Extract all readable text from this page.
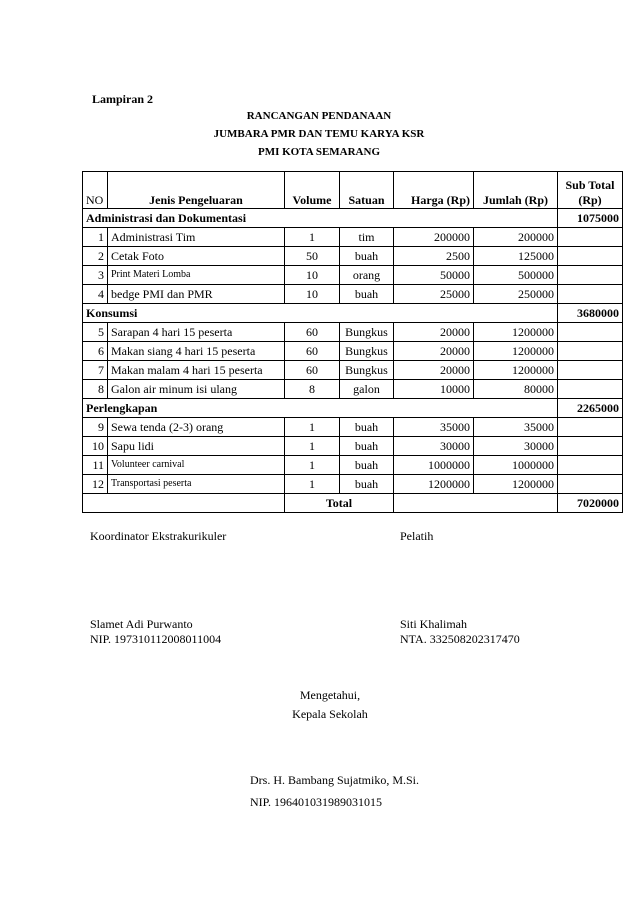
Lampiran 2
RANCANGAN PENDANAAN
JUMBARA PMR DAN TEMU KARYA KSR
PMI KOTA SEMARANG
NO	Jenis Pengeluaran	Volume	Satuan	Harga (Rp)	Jumlah (Rp)	Sub Total
(Rp)

Administrasi dan Dokumentasi						1075000
1	Administrasi Tim	1	tim	200000	200000	
2	Cetak Foto	50	buah	2500	125000	
3	Print Materi Lomba	10	orang	50000	500000	
4	bedge PMI dan PMR	10	buah	25000	250000	
Konsumsi						3680000
5	Sarapan 4 hari 15 peserta	60	Bungkus	20000	1200000	
6	Makan siang 4 hari 15 peserta	60	Bungkus	20000	1200000	
7	Makan malam 4 hari 15 peserta	60	Bungkus	20000	1200000	
8	Galon air minum isi ulang	8	galon	10000	80000	
Perlengkapan						2265000
9	Sewa tenda (2-3) orang	1	buah	35000	35000	
10	Sapu lidi	1	buah	30000	30000	
11	Volunteer carnival	1	buah	1000000	1000000	
12	Transportasi peserta	1	buah	1200000	1200000	
		Total				7020000
Koordinator Ekstrakurikuler	Pelatih
Slamet Adi Purwanto
NIP. 197310112008011004
Siti Khalimah
NTA. 332508202317470
Mengetahui,
Kepala Sekolah
Drs. H. Bambang Sujatmiko, M.Si.
NIP. 196401031989031015
